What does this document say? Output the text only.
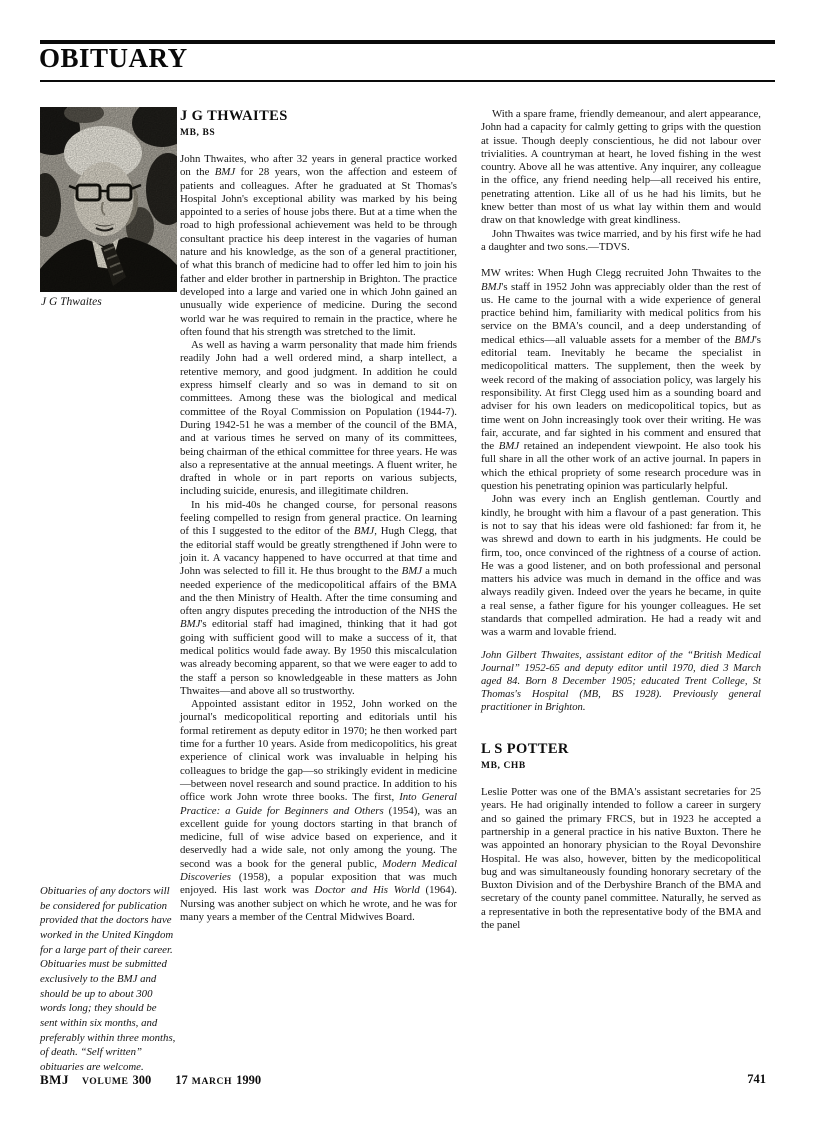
OBITUARY
J G Thwaites
Obituaries of any doctors will be considered for publication provided that the doctors have worked in the United Kingdom for a large part of their career. Obituaries must be submitted exclusively to the BMJ and should be up to about 300 words long; they should be sent within six months, and preferably within three months, of death. “Self written” obituaries are welcome.
J G THWAITES
MB, BS

John Thwaites, who after 32 years in general practice worked on the BMJ for 28 years, won the affection and esteem of patients and colleagues. After he graduated at St Thomas's Hospital John's exceptional ability was marked by his being appointed to a series of house jobs there. But at a time when the road to high professional achievement was held to be through consultant practice his deep interest in the vagaries of human nature and his knowledge, as the son of a general practitioner, of what this branch of medicine had to offer led him to join his father and elder brother in partnership in Brighton. The practice developed into a large and varied one in which John gained an unusually wide experience of medicine. During the second world war he was required to remain in the practice, where he often found that his strength was stretched to the limit.

As well as having a warm personality that made him friends readily John had a well ordered mind, a sharp intellect, a retentive memory, and good judgment. In addition he could express himself clearly and so was in demand to sit on committees. Among these was the biological and medical committee of the Royal Commission on Population (1944-7). During 1942-51 he was a member of the council of the BMA, and at various times he served on many of its committees, being chairman of the ethical committee for three years. He was also a representative at the annual meetings. A fluent writer, he drafted in whole or in part reports on various subjects, including suicide, enuresis, and illegitimate children.

In his mid-40s he changed course, for personal reasons feeling compelled to resign from general practice. On learning of this I suggested to the editor of the BMJ, Hugh Clegg, that the editorial staff would be greatly strengthened if John were to join it. A vacancy happened to have occurred at that time and John was selected to fill it. He thus brought to the BMJ a much needed experience of the medicopolitical affairs of the BMA and the then Ministry of Health. After the time consuming and often angry disputes preceding the introduction of the NHS the BMJ's editorial staff had imagined, thinking that it had got going with sufficient good will to make a success of it, that medical politics would fade away. By 1950 this miscalculation was already becoming apparent, so that we were eager to add to the staff a person so knowledgeable in these matters as John Thwaites—and above all so trustworthy.

Appointed assistant editor in 1952, John worked on the journal's medicopolitical reporting and editorials until his formal retirement as deputy editor in 1970; he then worked part time for a further 10 years. Aside from medicopolitics, his great experience of clinical work was invaluable in helping his colleagues to bridge the gap—so strikingly evident in medicine—between novel research and sound practice. In addition to his office work John wrote three books. The first, Into General Practice: a Guide for Beginners and Others (1954), was an excellent guide for young doctors starting in that branch of medicine, full of wise advice based on experience, and it deservedly had a wide sale, not only among the young. The second was a book for the general public, Modern Medical Discoveries (1958), a popular exposition that was much enjoyed. His last work was Doctor and His World (1964). Nursing was another subject on which he wrote, and he was for many years a member of the Central Midwives Board.

With a spare frame, friendly demeanour, and alert appearance, John had a capacity for calmly getting to grips with the question at issue. Though deeply conscientious, he did not labour over trivialities. A countryman at heart, he loved fishing in the west country. Above all he was attentive. Any inquirer, any colleague in the office, any friend needing help—all received his entire, penetrating attention. Like all of us he had his limits, but he knew better than most of us what lay within them and would draw on that knowledge with great kindliness.

John Thwaites was twice married, and by his first wife he had a daughter and two sons.—TDVS.

MW writes: When Hugh Clegg recruited John Thwaites to the BMJ's staff in 1952 John was appreciably older than the rest of us. He came to the journal with a wide experience of general practice behind him, familiarity with medical politics from his service on the BMA's council, and a deep understanding of medical ethics—all valuable assets for a member of the BMJ's editorial team. Inevitably he became the specialist in medicopolitical matters. The supplement, then the week by week record of the making of association policy, was largely his responsibility. At first Clegg used him as a sounding board and adviser for his own leaders on medicopolitical topics, but as time went on John increasingly took over their writing. He was fair, accurate, and far sighted in his comment and ensured that the BMJ retained an independent viewpoint. He also took his full share in all the other work of an active journal. In papers in which the ethical propriety of some research procedure was in question his penetrating opinion was particularly helpful.

John was every inch an English gentleman. Courtly and kindly, he brought with him a flavour of a past generation. This is not to say that his ideas were old fashioned: far from it, he was shrewd and down to earth in his judgments. He could be firm, too, once convinced of the rightness of a course of action. He was a good listener, and on both professional and personal matters his advice was much in demand in the office and was always readily given. Indeed over the years he became, in quite a real sense, a father figure for his younger colleagues. He set standards that compelled admiration. He had a ready wit and was a warm and lovable friend.

John Gilbert Thwaites, assistant editor of the “British Medical Journal” 1952-65 and deputy editor until 1970, died 3 March aged 84. Born 8 December 1905; educated Trent College, St Thomas's Hospital (MB, BS 1928). Previously general practitioner in Brighton.

L S POTTER
MB, CHB

Leslie Potter was one of the BMA's assistant secretaries for 25 years. He had originally intended to follow a career in surgery and so gained the primary FRCS, but in 1923 he accepted a partnership in a general practice in his native Buxton. There he was appointed an honorary physician to the Royal Devonshire Hospital. He was also, however, bitten by the medicopolitical bug and was simultaneously founding honorary secretary of the Buxton Division and of the Derbyshire Branch of the BMA and secretary of the county panel committee. Naturally, he served as a representative in both the representative body of the BMA and the panel

BMJ VOLUME 300 17 MARCH 1990	741
